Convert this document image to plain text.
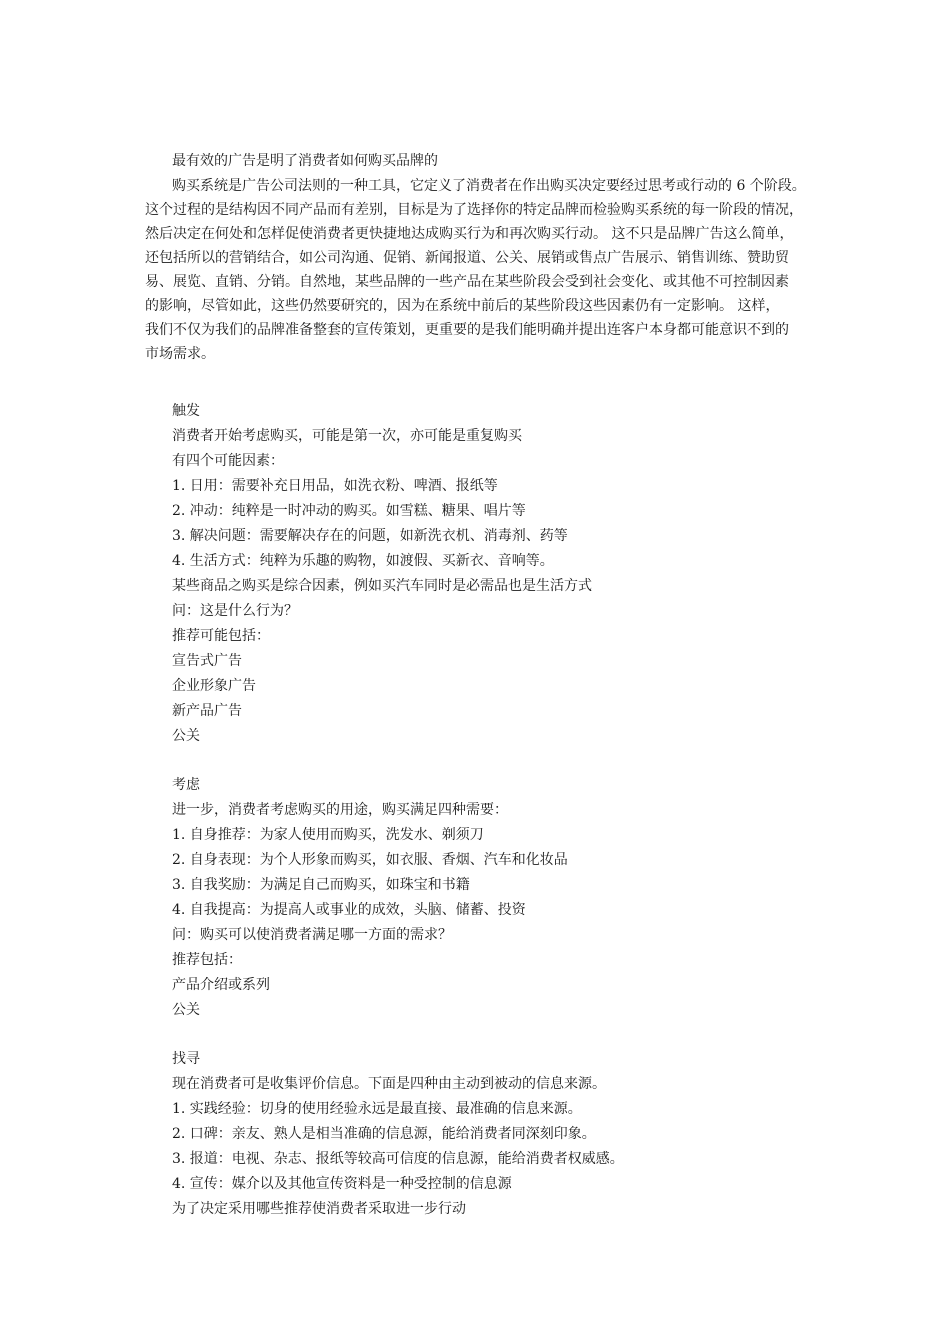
最有效的广告是明了消费者如何购买品牌的
购买系统是广告公司法则的一种工具，它定义了消费者在作出购买决定要经过思考或行动的 6 个阶段。
这个过程的是结构因不同产品而有差别，目标是为了选择你的特定品牌而检验购买系统的每一阶段的情况，
然后决定在何处和怎样促使消费者更快捷地达成购买行为和再次购买行动。 这不只是品牌广告这么简单，
还包括所以的营销结合，如公司沟通、促销、新闻报道、公关、展销或售点广告展示、销售训练、赞助贸
易、展览、直销、分销。自然地，某些品牌的一些产品在某些阶段会受到社会变化、或其他不可控制因素
的影响，尽管如此，这些仍然要研究的，因为在系统中前后的某些阶段这些因素仍有一定影响。 这样，
我们不仅为我们的品牌准备整套的宣传策划，更重要的是我们能明确并提出连客户本身都可能意识不到的
市场需求。
触发
消费者开始考虑购买，可能是第一次，亦可能是重复购买
有四个可能因素：
1. 日用：需要补充日用品，如洗衣粉、啤酒、报纸等
2. 冲动：纯粹是一时冲动的购买。如雪糕、糖果、唱片等
3. 解决问题：需要解决存在的问题，如新洗衣机、消毒剂、药等
4. 生活方式：纯粹为乐趣的购物，如渡假、买新衣、音响等。
某些商品之购买是综合因素，例如买汽车同时是必需品也是生活方式
问：这是什么行为？
推荐可能包括：
宣告式广告
企业形象广告
新产品广告
公关
考虑
进一步，消费者考虑购买的用途，购买满足四种需要：
1. 自身推荐：为家人使用而购买，洗发水、剃须刀
2. 自身表现：为个人形象而购买，如衣服、香烟、汽车和化妆品
3. 自我奖励：为满足自己而购买，如珠宝和书籍
4. 自我提高：为提高人或事业的成效，头脑、储蓄、投资
问：购买可以使消费者满足哪一方面的需求？
推荐包括：
产品介绍或系列
公关
找寻
现在消费者可是收集评价信息。下面是四种由主动到被动的信息来源。
1. 实践经验：切身的使用经验永远是最直接、最准确的信息来源。
2. 口碑：亲友、熟人是相当准确的信息源，能给消费者同深刻印象。
3. 报道：电视、杂志、报纸等较高可信度的信息源，能给消费者权威感。
4. 宣传：媒介以及其他宣传资料是一种受控制的信息源
为了决定采用哪些推荐使消费者采取进一步行动
